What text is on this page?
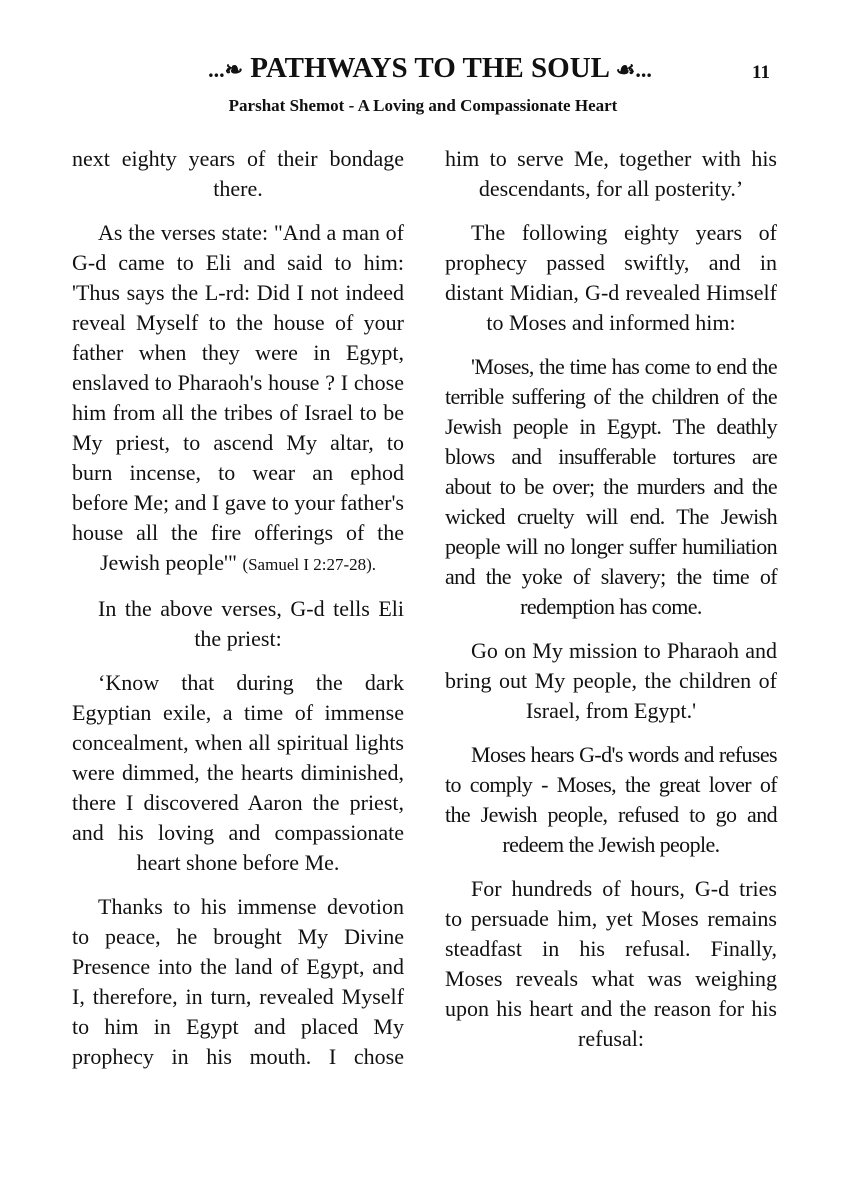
...❧ PATHWAYS TO THE SOUL ☙...	11
Parshat Shemot - A Loving and Compassionate Heart

next eighty years of their bondage there.

As the verses state: "And a man of G-d came to Eli and said to him: 'Thus says the L-rd: Did I not indeed reveal Myself to the house of your father when they were in Egypt, enslaved to Pharaoh's house ? I chose him from all the tribes of Israel to be My priest, to ascend My altar, to burn incense, to wear an ephod before Me; and I gave to your father's house all the fire offerings of the Jewish people'" (Samuel I 2:27-28).

In the above verses, G-d tells Eli the priest:

‘Know that during the dark Egyptian exile, a time of immense concealment, when all spiritual lights were dimmed, the hearts diminished, there I discovered Aaron the priest, and his loving and compassionate heart shone before Me.

Thanks to his immense devotion to peace, he brought My Divine Presence into the land of Egypt, and I, therefore, in turn, revealed Myself to him in Egypt and placed My prophecy in his mouth. I chose

him to serve Me, together with his descendants, for all posterity.’

The following eighty years of prophecy passed swiftly, and in distant Midian, G-d revealed Himself to Moses and informed him:

'Moses, the time has come to end the terrible suffering of the children of the Jewish people in Egypt. The deathly blows and insufferable tortures are about to be over; the murders and the wicked cruelty will end. The Jewish people will no longer suffer humiliation and the yoke of slavery; the time of redemption has come.

Go on My mission to Pharaoh and bring out My people, the children of Israel, from Egypt.'

Moses hears G-d's words and refuses to comply - Moses, the great lover of the Jewish people, refused to go and redeem the Jewish people.

For hundreds of hours, G-d tries to persuade him, yet Moses remains steadfast in his refusal. Finally, Moses reveals what was weighing upon his heart and the reason for his refusal:
